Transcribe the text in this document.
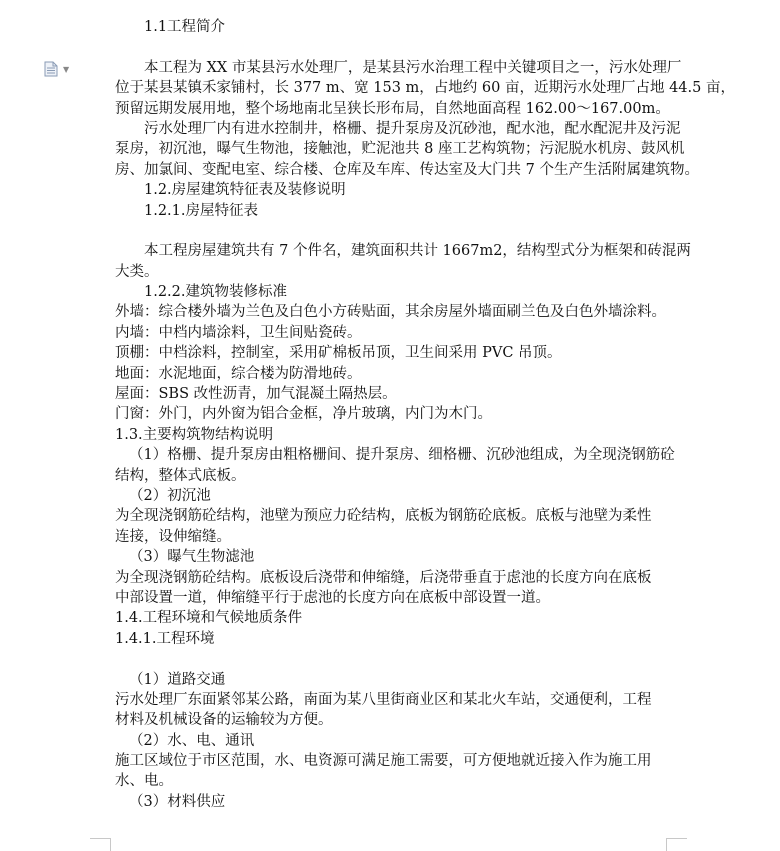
▼
1.1工程简介
本工程为 XX 市某县污水处理厂，是某县污水治理工程中关键项目之一，污水处理厂
位于某县某镇禾家铺村，长 377 m、宽 153 m，占地约 60 亩，近期污水处理厂占地 44.5 亩，
预留远期发展用地，整个场地南北呈狭长形布局，自然地面高程 162.00～167.00m。
污水处理厂内有进水控制井，格栅、提升泵房及沉砂池，配水池，配水配泥井及污泥
泵房，初沉池，曝气生物池，接触池，贮泥池共 8 座工艺构筑物；污泥脱水机房、鼓风机
房、加氯间、变配电室、综合楼、仓库及车库、传达室及大门共 7 个生产生活附属建筑物。
1.2.房屋建筑特征表及装修说明
1.2.1.房屋特征表
本工程房屋建筑共有 7 个件名，建筑面积共计 1667m2，结构型式分为框架和砖混两
大类。
1.2.2.建筑物装修标准
外墙：综合楼外墙为兰色及白色小方砖贴面，其余房屋外墙面刷兰色及白色外墙涂料。
内墙：中档内墙涂料，卫生间贴瓷砖。
顶棚：中档涂料，控制室，采用矿棉板吊顶，卫生间采用 PVC 吊顶。
地面：水泥地面，综合楼为防滑地砖。
屋面：SBS 改性沥青，加气混凝土隔热层。
门窗：外门，内外窗为铝合金框，净片玻璃，内门为木门。
1.3.主要构筑物结构说明
（1）格栅、提升泵房由粗格栅间、提升泵房、细格栅、沉砂池组成，为全现浇钢筋砼
结构，整体式底板。
（2）初沉池
为全现浇钢筋砼结构，池壁为预应力砼结构，底板为钢筋砼底板。底板与池壁为柔性
连接，设伸缩缝。
（3）曝气生物滤池
为全现浇钢筋砼结构。底板设后浇带和伸缩缝，后浇带垂直于虑池的长度方向在底板
中部设置一道，伸缩缝平行于虑池的长度方向在底板中部设置一道。
1.4.工程环境和气候地质条件
1.4.1.工程环境
（1）道路交通
污水处理厂东面紧邻某公路，南面为某八里街商业区和某北火车站，交通便利，工程
材料及机械设备的运输较为方便。
（2）水、电、通讯
施工区域位于市区范围，水、电资源可满足施工需要，可方便地就近接入作为施工用
水、电。
（3）材料供应
